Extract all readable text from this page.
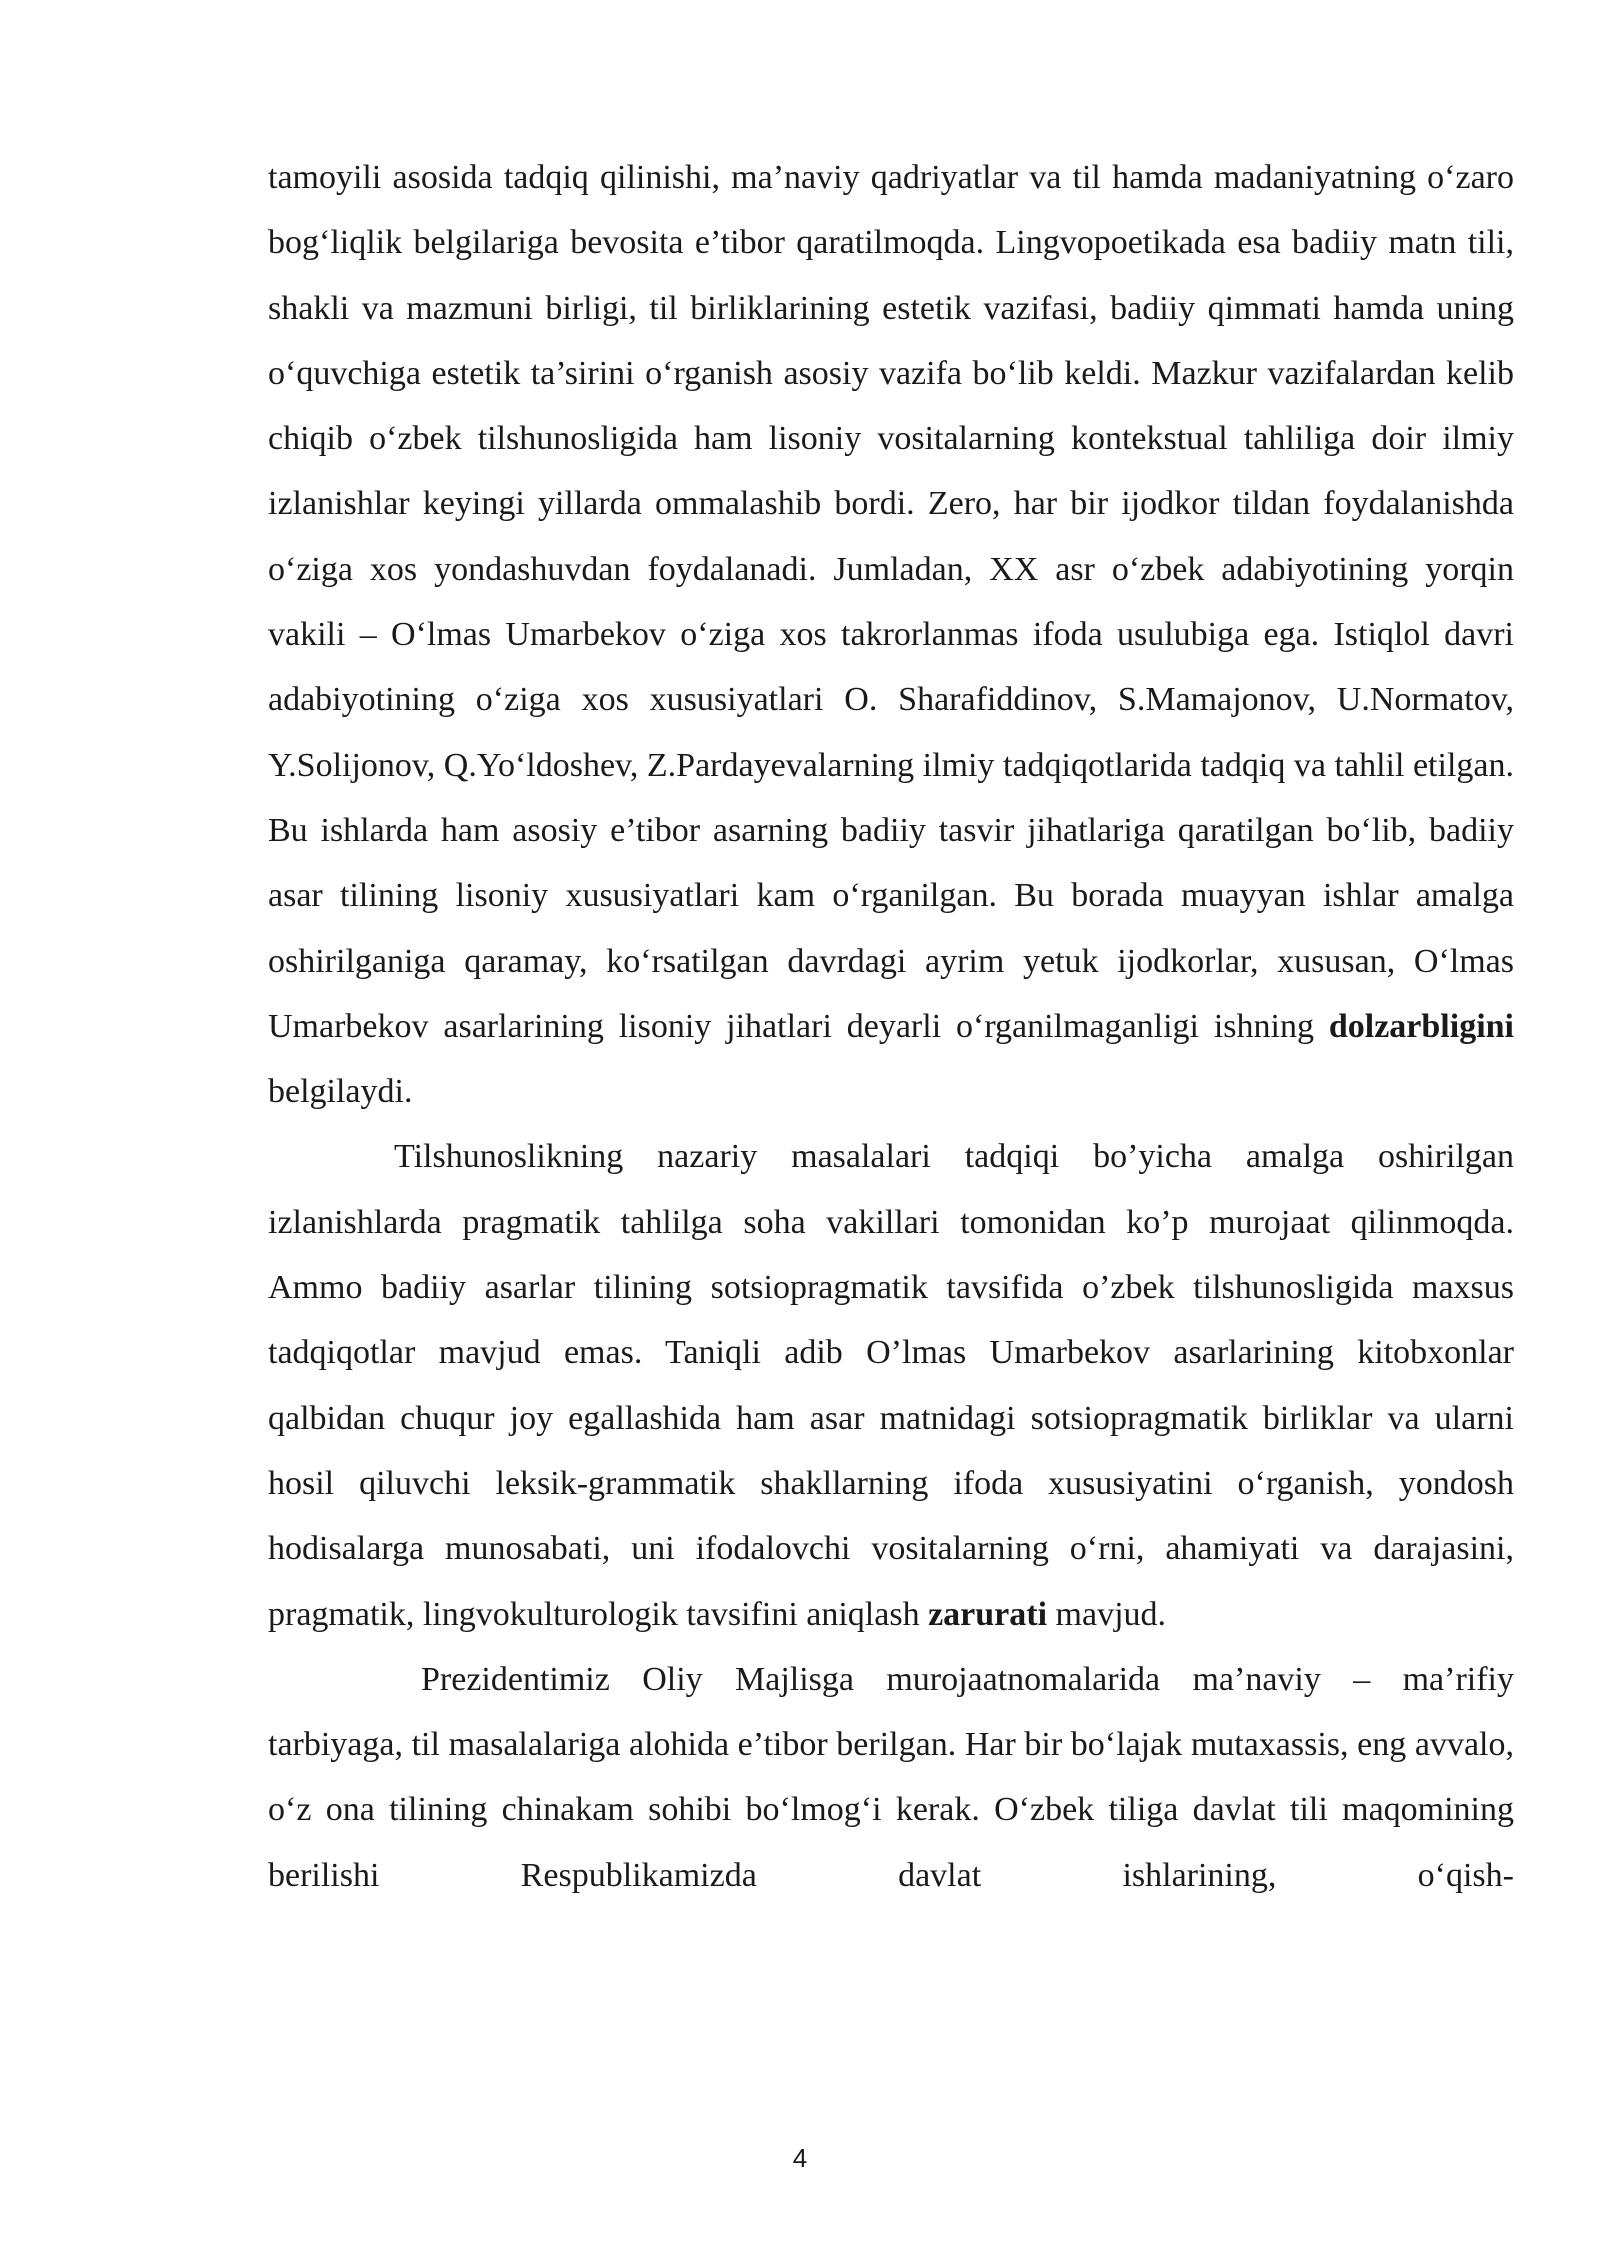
tamoyili asosida tadqiq qilinishi, ma’naviy qadriyatlar va til hamda madaniyatning o‘zaro bog‘liqlik belgilariga bevosita e’tibor qaratilmoqda. Lingvopoetikada esa badiiy matn tili, shakli va mazmuni birligi, til birliklarining estetik vazifasi, badiiy qimmati hamda uning o‘quvchiga estetik ta’sirini o‘rganish asosiy vazifa bo‘lib keldi. Mazkur vazifalardan kelib chiqib o‘zbek tilshunosligida ham lisoniy vositalarning kontekstual tahliliga doir ilmiy izlanishlar keyingi yillarda ommalashib bordi. Zero, har bir ijodkor tildan foydalanishda o‘ziga xos yondashuvdan foydalanadi. Jumladan, XX asr o‘zbek adabiyotining yorqin vakili – O‘lmas Umarbekov o‘ziga xos takrorlanmas ifoda usulubiga ega. Istiqlol davri adabiyotining o‘ziga xos xususiyatlari O. Sharafiddinov, S.Mamajonov, U.Normatov, Y.Solijonov, Q.Yo‘ldoshev, Z.Pardayevalarning ilmiy tadqiqotlarida tadqiq va tahlil etilgan. Bu ishlarda ham asosiy e’tibor asarning badiiy tasvir jihatlariga qaratilgan bo‘lib, badiiy asar tilining lisoniy xususiyatlari kam o‘rganilgan. Bu borada muayyan ishlar amalga oshirilganiga qaramay, ko‘rsatilgan davrdagi ayrim yetuk ijodkorlar, xususan, O‘lmas Umarbekov asarlarining lisoniy jihatlari deyarli o‘rganilmaganligi ishning dolzarbligini belgilaydi.

Tilshunoslikning nazariy masalalari tadqiqi bo’yicha amalga oshirilgan izlanishlarda pragmatik tahlilga soha vakillari tomonidan ko’p murojaat qilinmoqda. Ammo badiiy asarlar tilining sotsiopragmatik tavsifida o’zbek tilshunosligida maxsus tadqiqotlar mavjud emas. Taniqli adib O’lmas Umarbekov asarlarining kitobxonlar qalbidan chuqur joy egallashida ham asar matnidagi sotsiopragmatik birliklar va ularni hosil qiluvchi leksik-grammatik shakllarning ifoda xususiyatini o‘rganish, yondosh hodisalarga munosabati, uni ifodalovchi vositalarning o‘rni, ahamiyati va darajasini, pragmatik, lingvokulturologik tavsifini aniqlash zarurati mavjud.

Prezidentimiz Oliy Majlisga murojaatnomalarida ma’naviy – ma’rifiy tarbiyaga, til masalalariga alohida e’tibor berilgan. Har bir bo‘lajak mutaxassis, eng avvalo, o‘z ona tilining chinakam sohibi bo‘lmog‘i kerak. O‘zbek tiliga davlat tili maqomining berilishi Respublikamizda davlat ishlarining, o‘qish-

4
